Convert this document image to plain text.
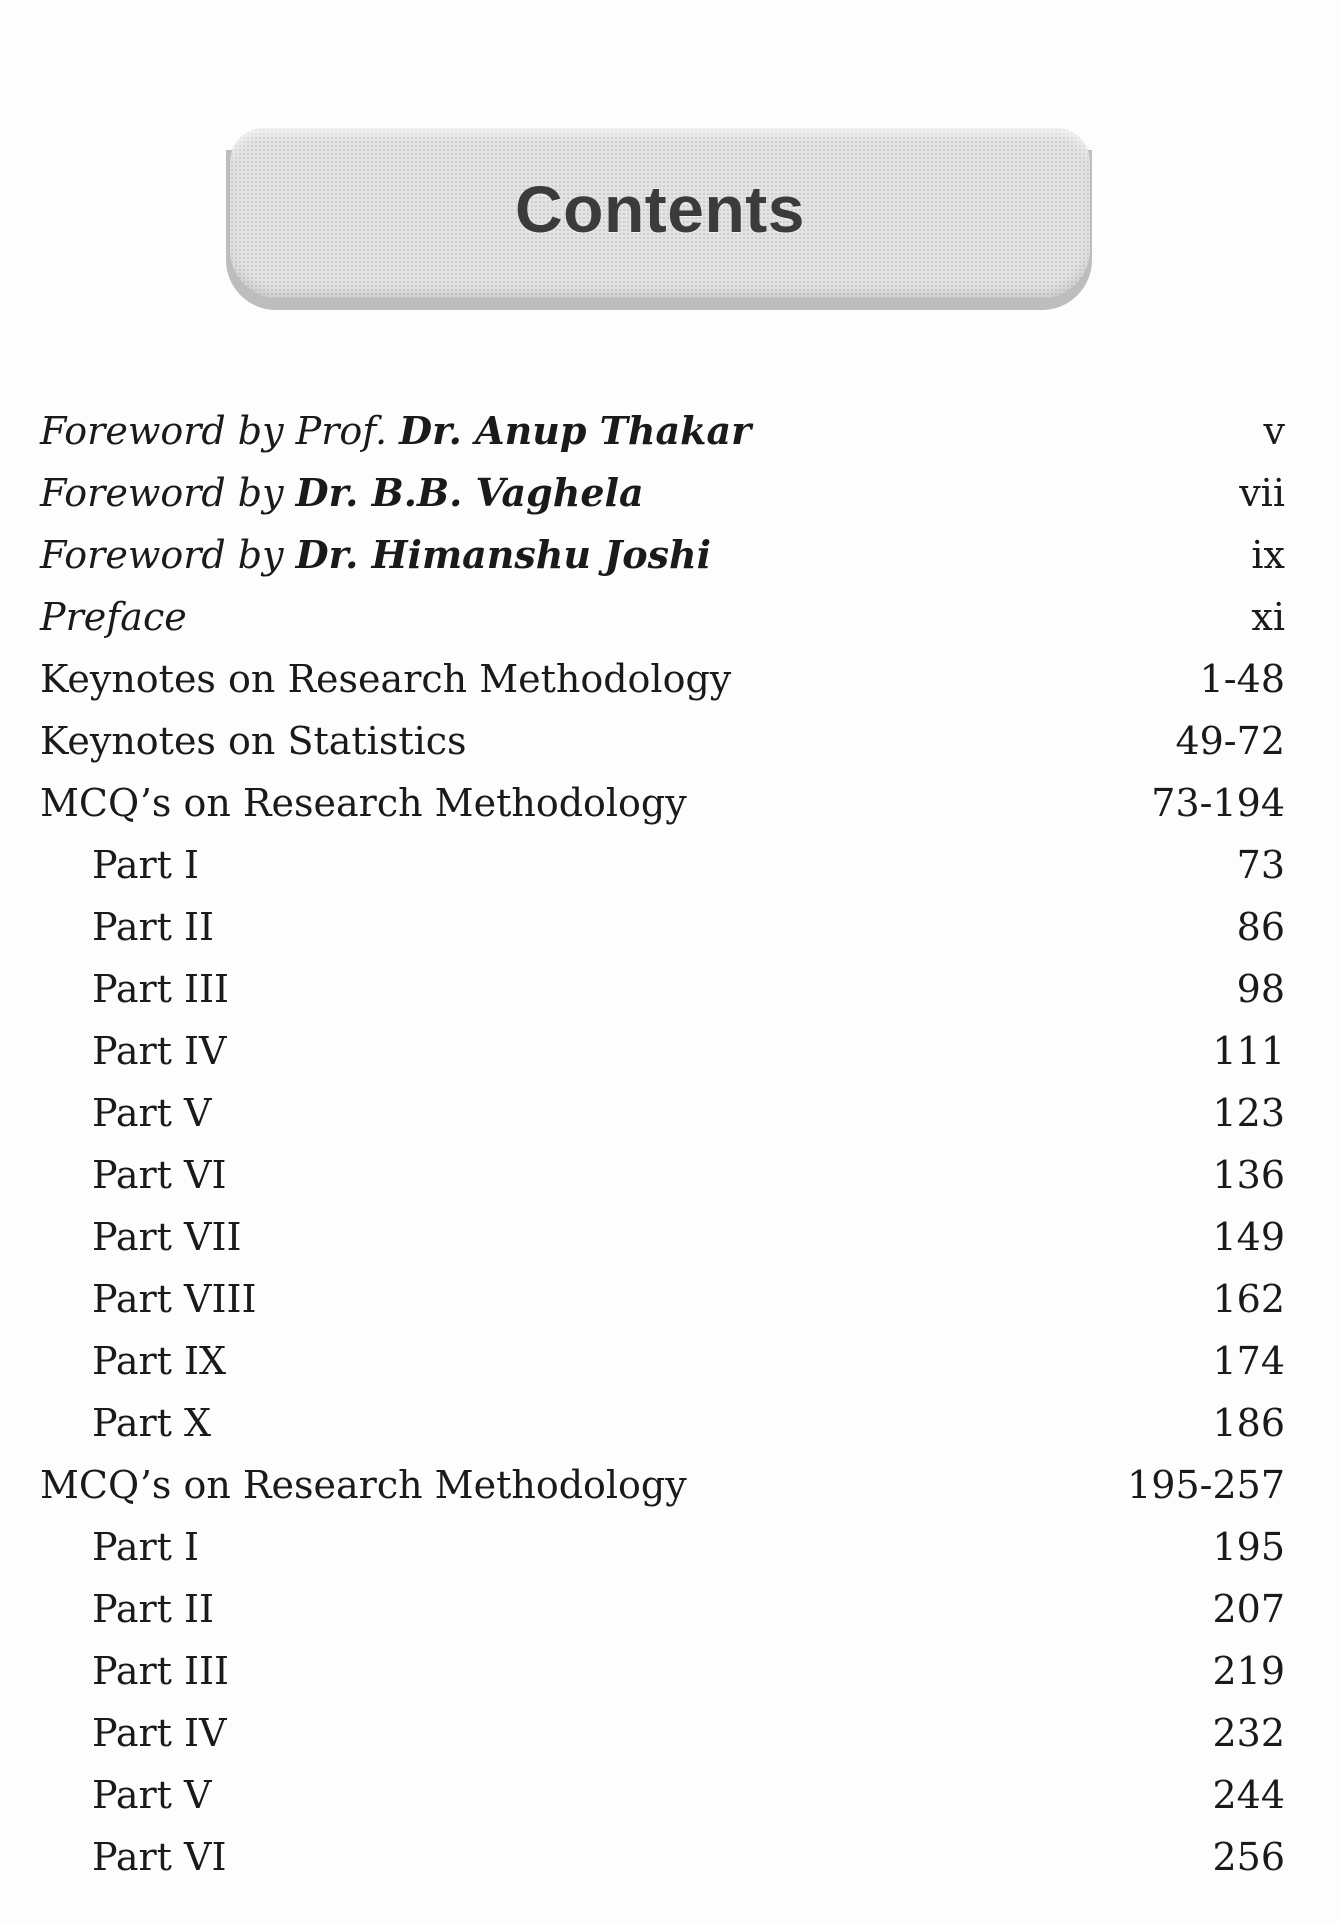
Contents
Foreword by Prof. Dr. Anup Thakar	v
Foreword by Dr. B.B. Vaghela	vii
Foreword by Dr. Himanshu Joshi	ix
Preface	xi
Keynotes on Research Methodology	1-48
Keynotes on Statistics	49-72
MCQ’s on Research Methodology	73-194
Part I	73
Part II	86
Part III	98
Part IV	111
Part V	123
Part VI	136
Part VII	149
Part VIII	162
Part IX	174
Part X	186
MCQ’s on Research Methodology	195-257
Part I	195
Part II	207
Part III	219
Part IV	232
Part V	244
Part VI	256
